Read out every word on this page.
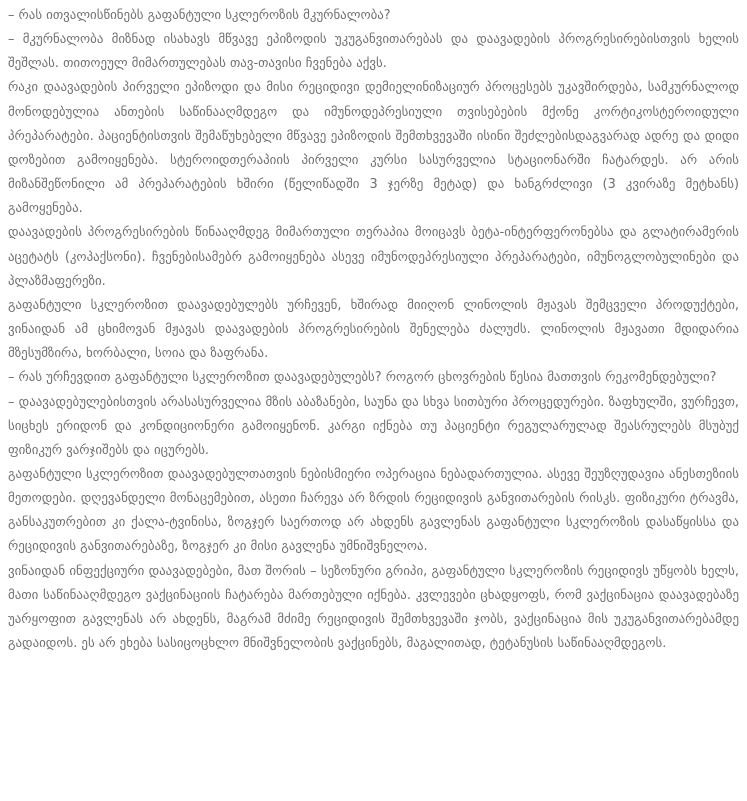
– რას ითვალისწინებს გაფანტული სკლეროზის მკურნალობა?

– მკურნალობა მიზნად ისახავს მწვავე ეპიზოდის უკუგანვითარებას და დაავადების პროგრესირებისთვის ხელის შეშლას. თითოეულ მიმართულებას თავ-თავისი ჩვენება აქვს.

რაკი დაავადების პირველი ეპიზოდი და მისი რეციდივი დემიელინიზაციურ პროცესებს უკავშირდება, სამკურნალოდ მონოდებულია ანთების საწინააღმდეგო და იმუნოდეპრესიული თვისებების მქონე კორტიკოსტეროიდული პრეპარატები. პაციენტისთვის შემაწუხებელი მწვავე ეპიზოდის შემთხვევაში ისინი შეძლებისდაგვარად ადრე და დიდი დოზებით გამოიყენება. სტეროიდთერაპიის პირველი კურსი სასურველია სტაციონარში ჩატარდეს. არ არის მიზანშეწონილი ამ პრეპარატების ხშირი (წელიწადში 3 ჯერზე მეტად) და ხანგრძლივი (3 კვირაზე მეტხანს) გამოყენება.

დაავადების პროგრესირების წინააღმდეგ მიმართული თერაპია მოიცავს ბეტა-ინტერფერონებსა და გლატირამერის აცეტატს (კოპაქსონი). ჩვენებისამებრ გამოიყენება ასევე იმუნოდეპრესიული პრეპარატები, იმუნოგლობულინები და პლაზმაფერეზი.

გაფანტული სკლეროზით დაავადებულებს ურჩევენ, ხშირად მიიღონ ლინოლის მჟავას შემცველი პროდუქტები, ვინაიდან ამ ცხიმოვან მჟავას დაავადების პროგრესირების შენელება ძალუძს. ლინოლის მჟავათი მდიდარია მზესუმზირა, ხორბალი, სოია და ზაფრანა.

– რას ურჩევდით გაფანტული სკლეროზით დაავადებულებს? როგორ ცხოვრების წესია მათთვის რეკომენდებული?

– დაავადებულებისთვის არასასურველია მზის აბაზანები, საუნა და სხვა სითბური პროცედურები. ზაფხულში, ვურჩევთ, სიცხეს ერიდონ და კონდიციონერი გამოიყენონ. კარგი იქნება თუ პაციენტი რეგულარულად შეასრულებს მსუბუქ ფიზიკურ ვარჯიშებს და იცურებს.

გაფანტული სკლეროზით დაავადებულთათვის ნებისმიერი ოპერაცია ნებადართულია. ასევე შეუზღუდავია ანესთეზიის მეთოდები. დღევანდელი მონაცემებით, ასეთი ჩარევა არ ზრდის რეციდივის განვითარების რისკს. ფიზიკური ტრავმა, განსაკუთრებით კი ქალა-ტვინისა, ზოგჯერ საერთოდ არ ახდენს გავლენას გაფანტული სკლეროზის დასაწყისსა და რეციდივის განვითარებაზე, ზოგჯერ კი მისი გავლენა უმნიშვნელოა.

ვინაიდან ინფექციური დაავადებები, მათ შორის – სეზონური გრიპი, გაფანტული სკლეროზის რეციდივს უწყობს ხელს, მათი საწინააღმდეგო ვაქცინაციის ჩატარება მართებული იქნება. კვლევები ცხადყოფს, რომ ვაქცინაცია დაავადებაზე უარყოფით გავლენას არ ახდენს, მაგრამ მძიმე რეციდივის შემთხვევაში ჯობს, ვაქცინაცია მის უკუგანვითარებამდე გადაიდოს. ეს არ ეხება სასიცოცხლო მნიშვნელობის ვაქცინებს, მაგალითად, ტეტანუსის საწინააღმდეგოს.
